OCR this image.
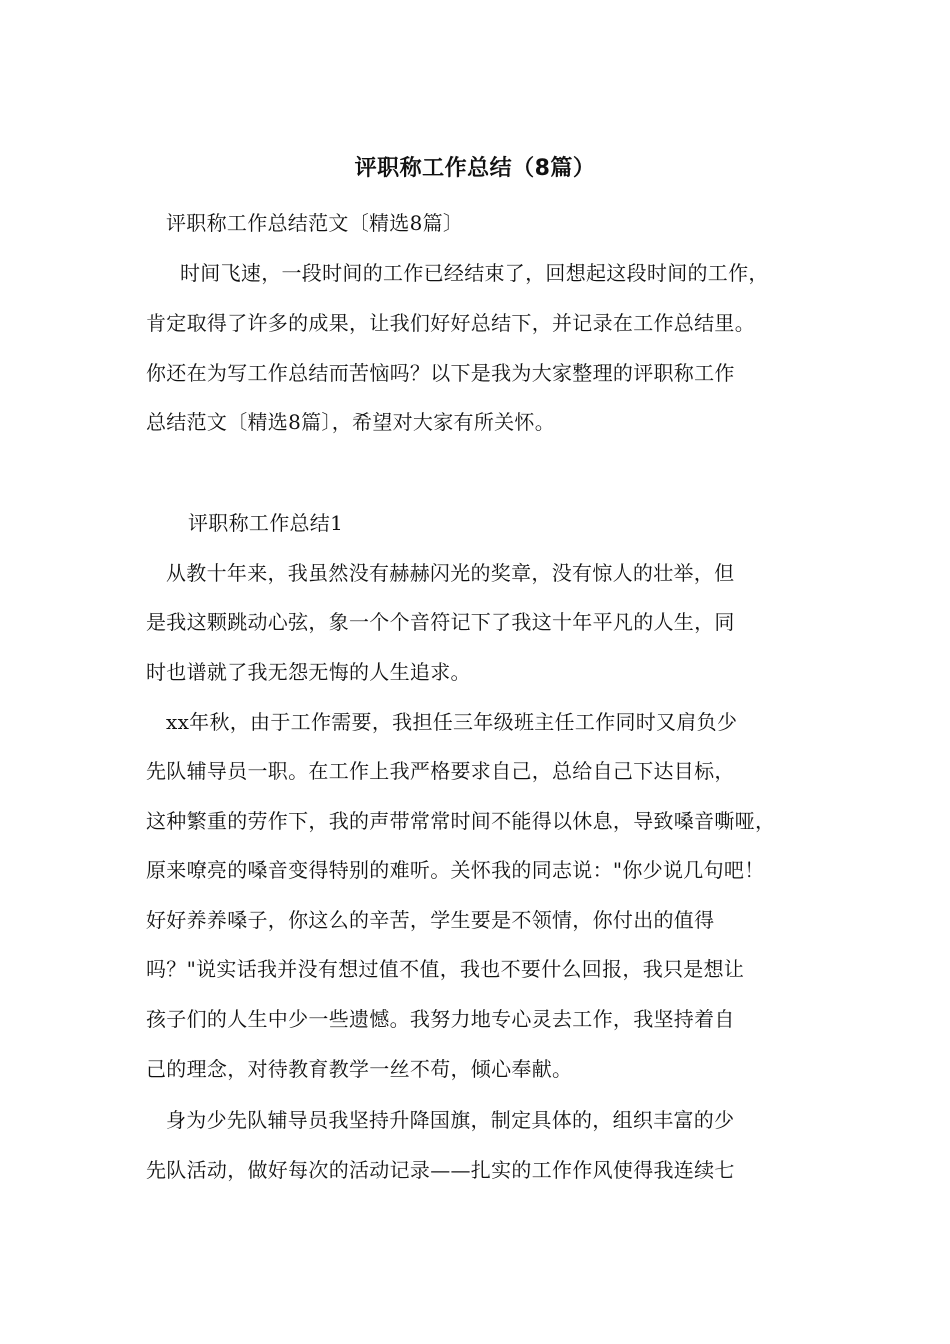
评职称工作总结（8篇）
评职称工作总结范文〔精选8篇〕
时间飞速，一段时间的工作已经结束了，回想起这段时间的工作，
肯定取得了许多的成果，让我们好好总结下，并记录在工作总结里。
你还在为写工作总结而苦恼吗？以下是我为大家整理的评职称工作
总结范文〔精选8篇〕，希望对大家有所关怀。
评职称工作总结1
从教十年来，我虽然没有赫赫闪光的奖章，没有惊人的壮举，但
是我这颗跳动心弦，象一个个音符记下了我这十年平凡的人生，同
时也谱就了我无怨无悔的人生追求。
xx年秋，由于工作需要，我担任三年级班主任工作同时又肩负少
先队辅导员一职。在工作上我严格要求自己，总给自己下达目标，
这种繁重的劳作下，我的声带常常时间不能得以休息，导致嗓音嘶哑，
原来嘹亮的嗓音变得特别的难听。关怀我的同志说："你少说几句吧！
好好养养嗓子，你这么的辛苦，学生要是不领情，你付出的值得
吗？"说实话我并没有想过值不值，我也不要什么回报，我只是想让
孩子们的人生中少一些遗憾。我努力地专心灵去工作，我坚持着自
己的理念，对待教育教学一丝不苟，倾心奉献。
身为少先队辅导员我坚持升降国旗，制定具体的，组织丰富的少
先队活动，做好每次的活动记录——扎实的工作作风使得我连续七
